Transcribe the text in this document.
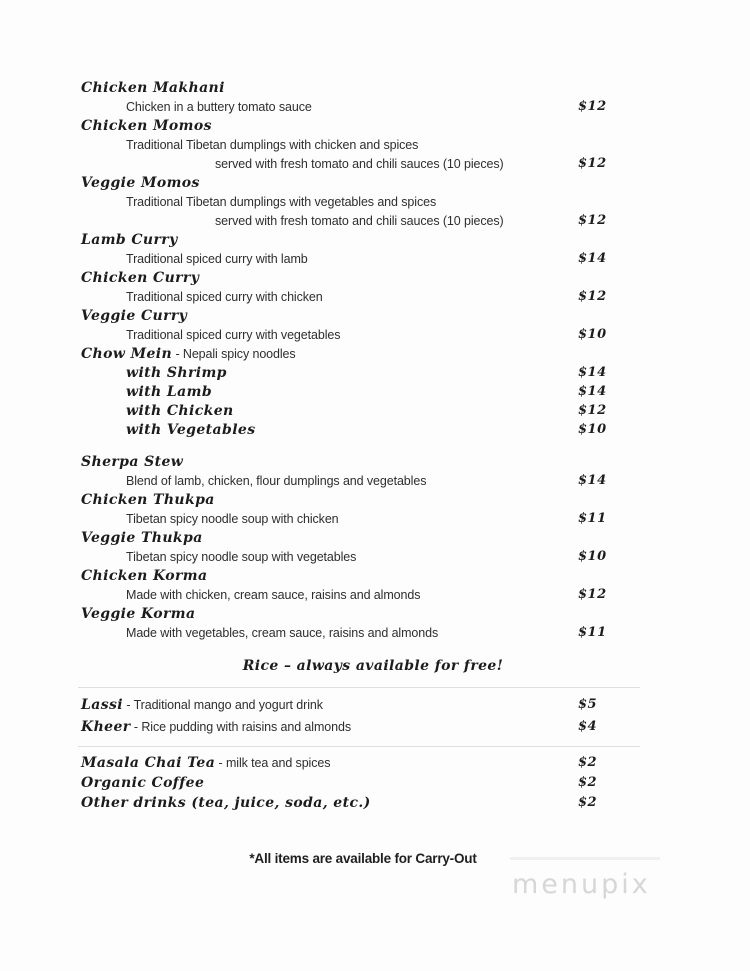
Chicken Makhani
Chicken in a buttery tomato sauce	$12
Chicken Momos
Traditional Tibetan dumplings with chicken and spices
served with fresh tomato and chili sauces (10 pieces)	$12
Veggie Momos
Traditional Tibetan dumplings with vegetables and spices
served with fresh tomato and chili sauces (10 pieces)	$12
Lamb Curry
Traditional spiced curry with lamb	$14
Chicken Curry
Traditional spiced curry with chicken	$12
Veggie Curry
Traditional spiced curry with vegetables	$10
Chow Mein - Nepali spicy noodles
with Shrimp	$14
with Lamb	$14
with Chicken	$12
with Vegetables	$10
Sherpa Stew
Blend of lamb, chicken, flour dumplings and vegetables	$14
Chicken Thukpa
Tibetan spicy noodle soup with chicken	$11
Veggie Thukpa
Tibetan spicy noodle soup with vegetables	$10
Chicken Korma
Made with chicken, cream sauce, raisins and almonds	$12
Veggie Korma
Made with vegetables, cream sauce, raisins and almonds	$11
Rice – always available for free!
Lassi - Traditional mango and yogurt drink	$5
Kheer - Rice pudding with raisins and almonds	$4
Masala Chai Tea - milk tea and spices	$2
Organic Coffee	$2
Other drinks (tea, juice, soda, etc.)	$2
*All items are available for Carry-Out
menupix
